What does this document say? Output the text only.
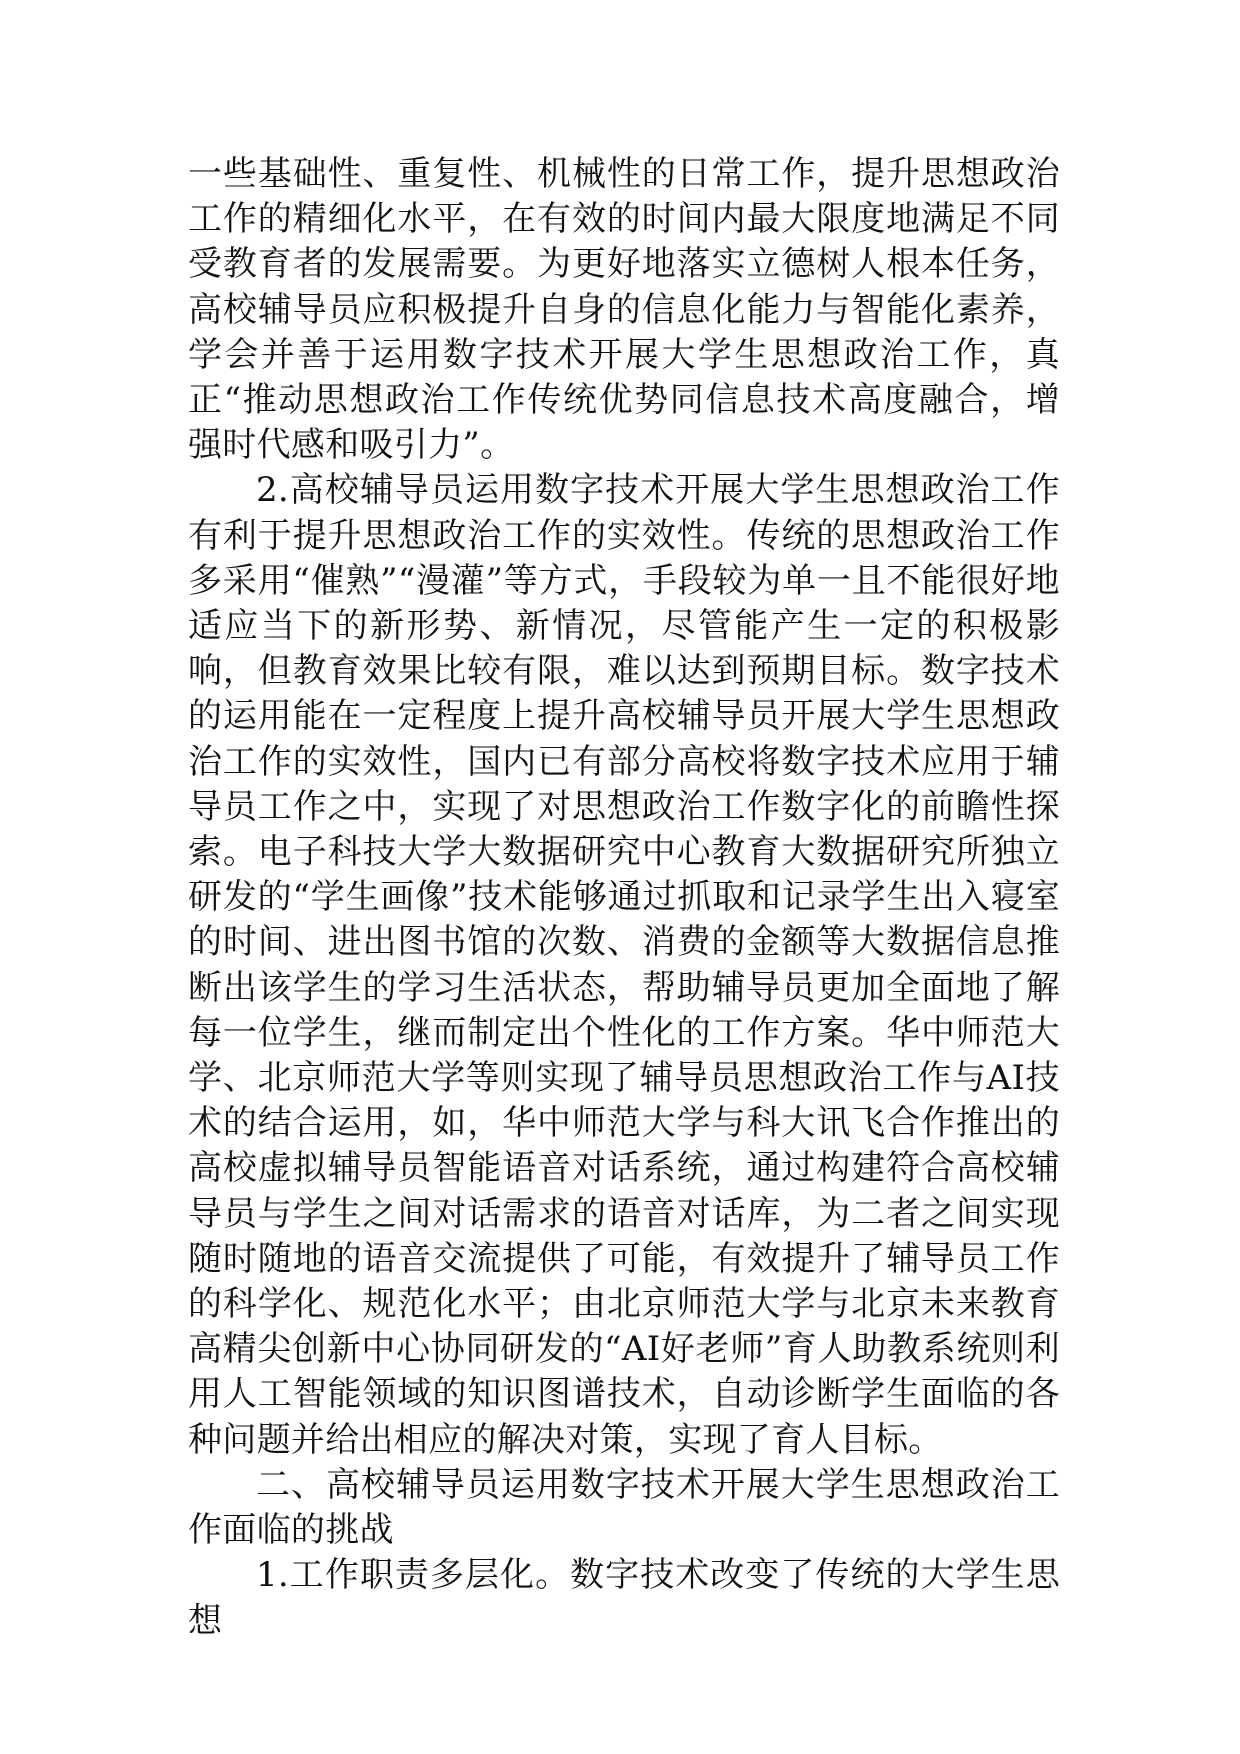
一些基础性、重复性、机械性的日常工作，提升思想政治工作的精细化水平，在有效的时间内最大限度地满足不同受教育者的发展需要。为更好地落实立德树人根本任务，高校辅导员应积极提升自身的信息化能力与智能化素养，学会并善于运用数字技术开展大学生思想政治工作，真正“推动思想政治工作传统优势同信息技术高度融合，增强时代感和吸引力”。

2.高校辅导员运用数字技术开展大学生思想政治工作有利于提升思想政治工作的实效性。传统的思想政治工作多采用“催熟”“漫灌”等方式，手段较为单一且不能很好地适应当下的新形势、新情况，尽管能产生一定的积极影响，但教育效果比较有限，难以达到预期目标。数字技术的运用能在一定程度上提升高校辅导员开展大学生思想政治工作的实效性，国内已有部分高校将数字技术应用于辅导员工作之中，实现了对思想政治工作数字化的前瞻性探索。电子科技大学大数据研究中心教育大数据研究所独立研发的“学生画像”技术能够通过抓取和记录学生出入寝室的时间、进出图书馆的次数、消费的金额等大数据信息推断出该学生的学习生活状态，帮助辅导员更加全面地了解每一位学生，继而制定出个性化的工作方案。华中师范大学、北京师范大学等则实现了辅导员思想政治工作与AI技术的结合运用，如，华中师范大学与科大讯飞合作推出的高校虚拟辅导员智能语音对话系统，通过构建符合高校辅导员与学生之间对话需求的语音对话库，为二者之间实现随时随地的语音交流提供了可能，有效提升了辅导员工作的科学化、规范化水平；由北京师范大学与北京未来教育高精尖创新中心协同研发的“AI好老师”育人助教系统则利用人工智能领域的知识图谱技术，自动诊断学生面临的各种问题并给出相应的解决对策，实现了育人目标。

二、高校辅导员运用数字技术开展大学生思想政治工作面临的挑战

1.工作职责多层化。数字技术改变了传统的大学生思想
